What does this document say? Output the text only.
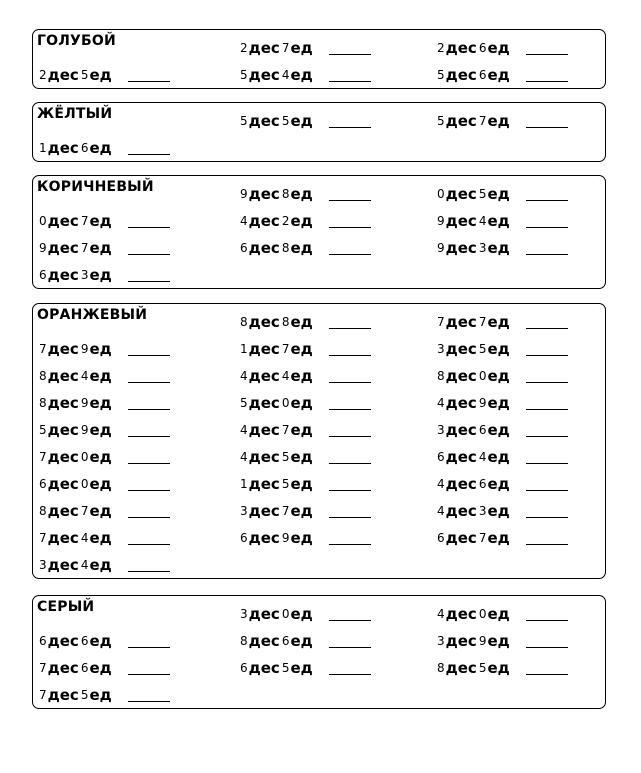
ГОЛУБОЙ	2 дес 7 ед	2 дес 6 ед
2 дес 5 ед	5 дес 4 ед	5 дес 6 ед
ЖЁЛТЫЙ	5 дес 5 ед	5 дес 7 ед
1 дес 6 ед
КОРИЧНЕВЫЙ	9 дес 8 ед	0 дес 5 ед
0 дес 7 ед	4 дес 2 ед	9 дес 4 ед
9 дес 7 ед	6 дес 8 ед	9 дес 3 ед
6 дес 3 ед
ОРАНЖЕВЫЙ	8 дес 8 ед	7 дес 7 ед
7 дес 9 ед	1 дес 7 ед	3 дес 5 ед
8 дес 4 ед	4 дес 4 ед	8 дес 0 ед
8 дес 9 ед	5 дес 0 ед	4 дес 9 ед
5 дес 9 ед	4 дес 7 ед	3 дес 6 ед
7 дес 0 ед	4 дес 5 ед	6 дес 4 ед
6 дес 0 ед	1 дес 5 ед	4 дес 6 ед
8 дес 7 ед	3 дес 7 ед	4 дес 3 ед
7 дес 4 ед	6 дес 9 ед	6 дес 7 ед
3 дес 4 ед
СЕРЫЙ	3 дес 0 ед	4 дес 0 ед
6 дес 6 ед	8 дес 6 ед	3 дес 9 ед
7 дес 6 ед	6 дес 5 ед	8 дес 5 ед
7 дес 5 ед
